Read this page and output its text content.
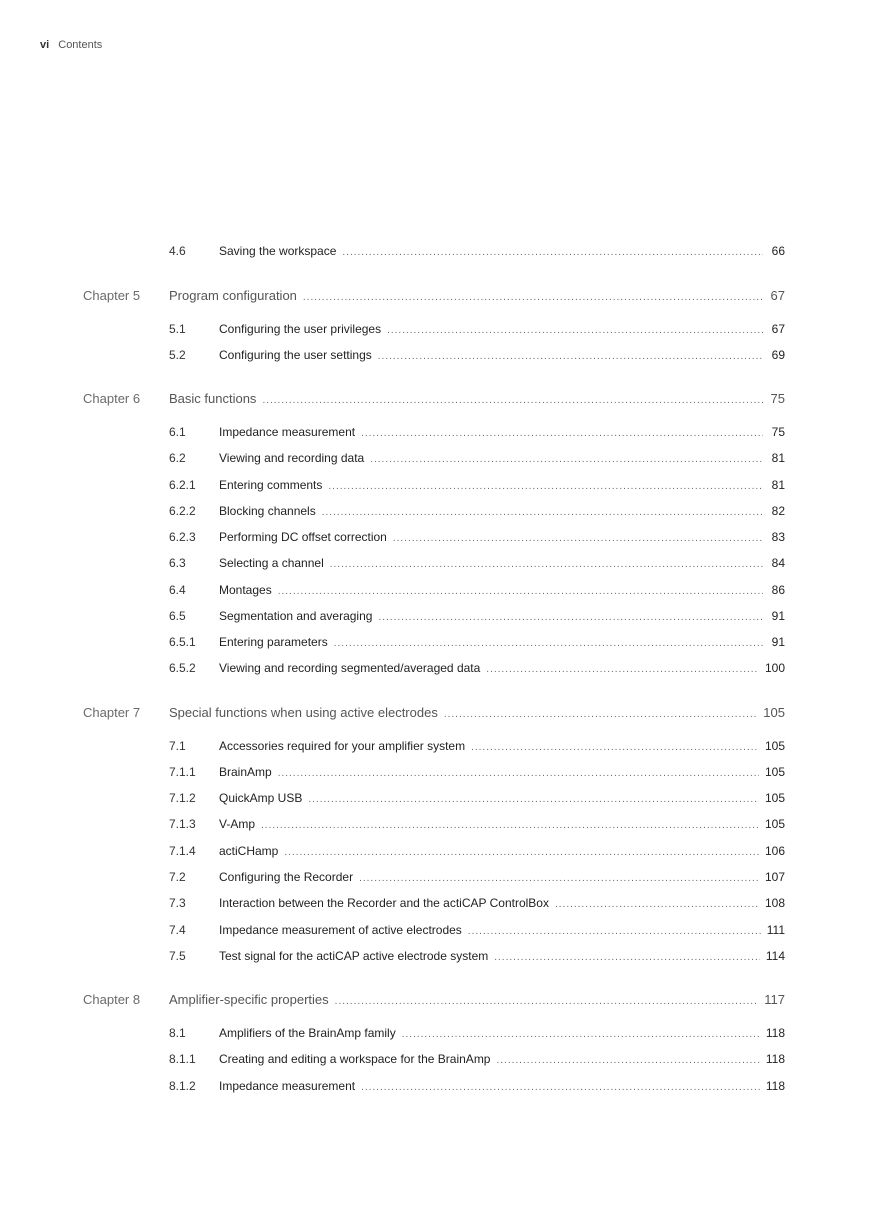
vi Contents
4.6	Saving the workspace .....	66
Chapter 5 Program configuration .....	67
5.1	Configuring the user privileges .....	67
5.2	Configuring the user settings .....	69
Chapter 6 Basic functions .....	75
6.1	Impedance measurement .....	75
6.2	Viewing and recording data .....	81
6.2.1 Entering comments .....	81
6.2.2 Blocking channels .....	82
6.2.3 Performing DC offset correction .....	83
6.3	Selecting a channel .....	84
6.4	Montages .....	86
6.5	Segmentation and averaging .....	91
6.5.1 Entering parameters .....	91
6.5.2 Viewing and recording segmented/averaged data .....	100
Chapter 7 Special functions when using active electrodes .....	105
7.1	Accessories required for your amplifier system .....	105
7.1.1 BrainAmp .....	105
7.1.2 QuickAmp USB .....	105
7.1.3 V-Amp .....	105
7.1.4 actiCHamp .....	106
7.2	Configuring the Recorder .....	107
7.3	Interaction between the Recorder and the actiCAP ControlBox .....	108
7.4	Impedance measurement of active electrodes .....	111
7.5	Test signal for the actiCAP active electrode system .....	114
Chapter 8 Amplifier-specific properties .....	117
8.1	Amplifiers of the BrainAmp family .....	118
8.1.1 Creating and editing a workspace for the BrainAmp .....	118
8.1.2 Impedance measurement .....	118
